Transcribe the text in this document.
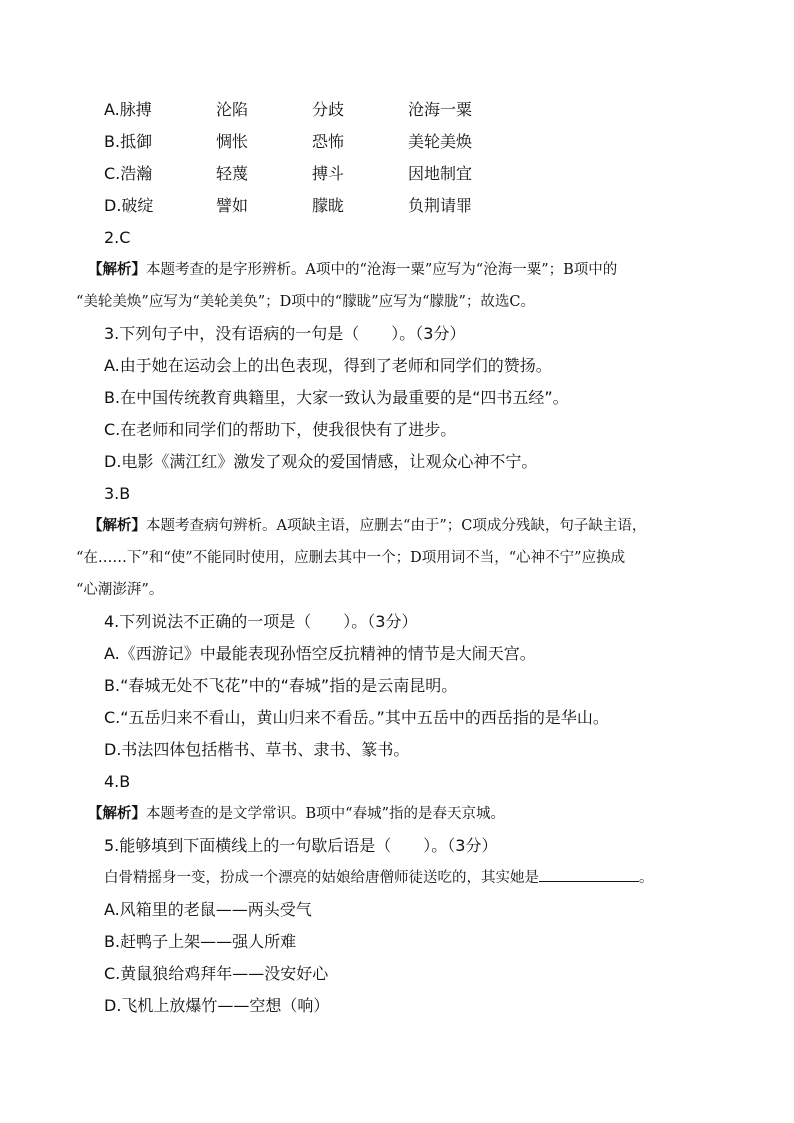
A.脉搏	沦陷	分歧	沧海一粟
B.抵御	惆怅	恐怖	美轮美焕
C.浩瀚	轻蔑	搏斗	因地制宜
D.破绽	譬如	朦眬	负荆请罪
2.C
【解析】本题考查的是字形辨析。A项中的“沧海一粟”应写为“沧海一粟”；B项中的
“美轮美焕”应写为“美轮美奂”；D项中的“朦眬”应写为“朦胧”；故选C。
3.下列句子中，没有语病的一句是（　　）。（3分）
A.由于她在运动会上的出色表现，得到了老师和同学们的赞扬。
B.在中国传统教育典籍里，大家一致认为最重要的是“四书五经”。
C.在老师和同学们的帮助下，使我很快有了进步。
D.电影《满江红》激发了观众的爱国情感，让观众心神不宁。
3.B
【解析】本题考查病句辨析。A项缺主语，应删去“由于”；C项成分残缺，句子缺主语，
“在……下”和“使”不能同时使用，应删去其中一个；D项用词不当，“心神不宁”应换成
“心潮澎湃”。
4.下列说法不正确的一项是（　　）。（3分）
A.《西游记》中最能表现孙悟空反抗精神的情节是大闹天宫。
B.“春城无处不飞花”中的“春城”指的是云南昆明。
C.“五岳归来不看山，黄山归来不看岳。”其中五岳中的西岳指的是华山。
D.书法四体包括楷书、草书、隶书、篆书。
4.B
【解析】本题考查的是文学常识。B项中“春城”指的是春天京城。
5.能够填到下面横线上的一句歇后语是（　　）。（3分）
白骨精摇身一变，扮成一个漂亮的姑娘给唐僧师徒送吃的，其实她是	。
A.风箱里的老鼠——两头受气
B.赶鸭子上架——强人所难
C.黄鼠狼给鸡拜年——没安好心
D.飞机上放爆竹——空想（响）
